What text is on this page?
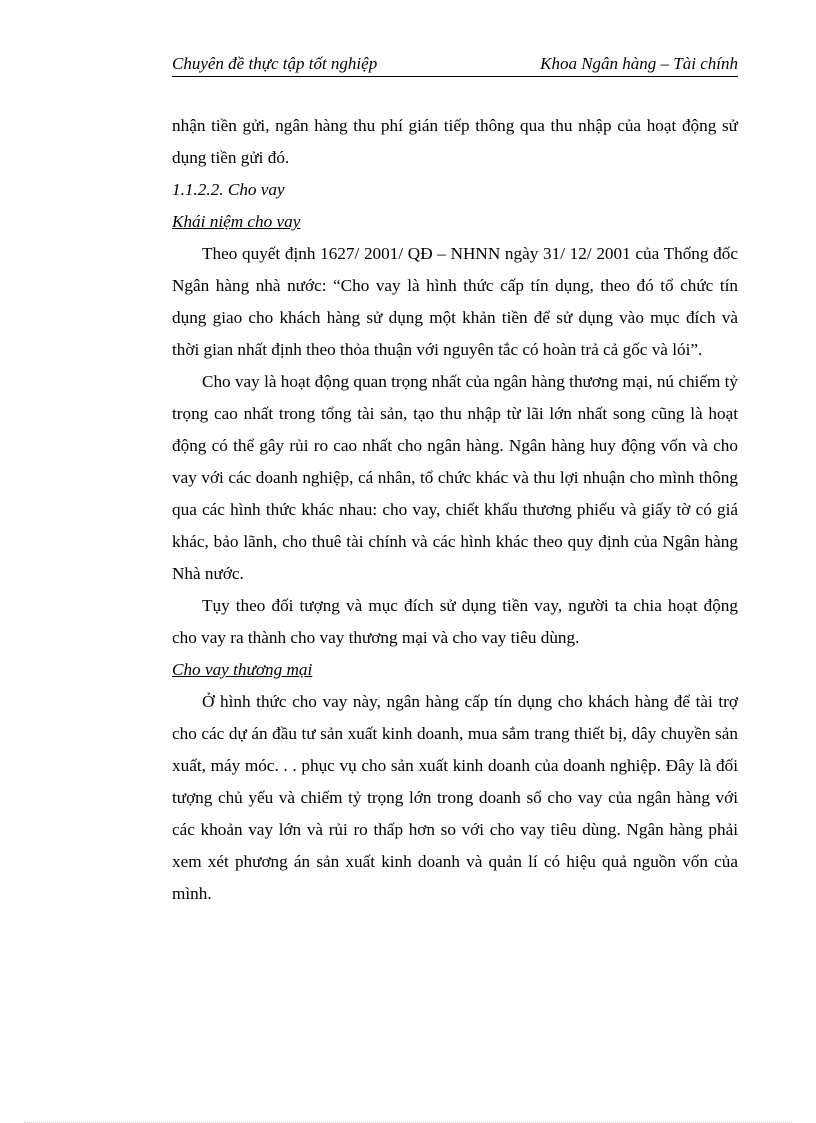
Chuyên đề thực tập tốt nghiệp	Khoa Ngân hàng – Tài chính

nhận tiền gửi, ngân hàng thu phí gián tiếp thông qua thu nhập của hoạt động sử dụng tiền gửi đó.

1.1.2.2. Cho vay
Khái niệm cho vay

Theo quyết định 1627/ 2001/ QĐ – NHNN ngày 31/ 12/ 2001 của Thống đốc Ngân hàng nhà nước: “Cho vay là hình thức cấp tín dụng, theo đó tổ chức tín dụng giao cho khách hàng sử dụng một khản tiền để sử dụng vào mục đích và thời gian nhất định theo thỏa thuận với nguyên tắc có hoàn trả cả gốc và lói”.

Cho vay là hoạt động quan trọng nhất của ngân hàng thương mại, nú chiếm tỷ trọng cao nhất trong tổng tài sản, tạo thu nhập từ lãi lớn nhất song cũng là hoạt động có thể gây rủi ro cao nhất cho ngân hàng. Ngân hàng huy động vốn và cho vay với các doanh nghiệp, cá nhân, tổ chức khác và thu lợi nhuận cho mình thông qua các hình thức khác nhau: cho vay, chiết khấu thương phiếu và giấy tờ có giá khác, bảo lãnh, cho thuê tài chính và các hình khác theo quy định của Ngân hàng Nhà nước.

Tụy theo đối tượng và mục đích sử dụng tiền vay, người ta chia hoạt động cho vay ra thành cho vay thương mại và cho vay tiêu dùng.

Cho vay thương mại

Ở hình thức cho vay này, ngân hàng cấp tín dụng cho khách hàng để tài trợ cho các dự án đầu tư sản xuất kinh doanh, mua sắm trang thiết bị, dây chuyền sản xuất, máy móc. . . phục vụ cho sản xuất kinh doanh của doanh nghiệp. Đây là đối tượng chủ yếu và chiếm tỷ trọng lớn trong doanh số cho vay của ngân hàng với các khoản vay lớn và rủi ro thấp hơn so với cho vay tiêu dùng. Ngân hàng phải xem xét phương án sản xuất kinh doanh và quản lí có hiệu quả nguồn vốn của mình.
